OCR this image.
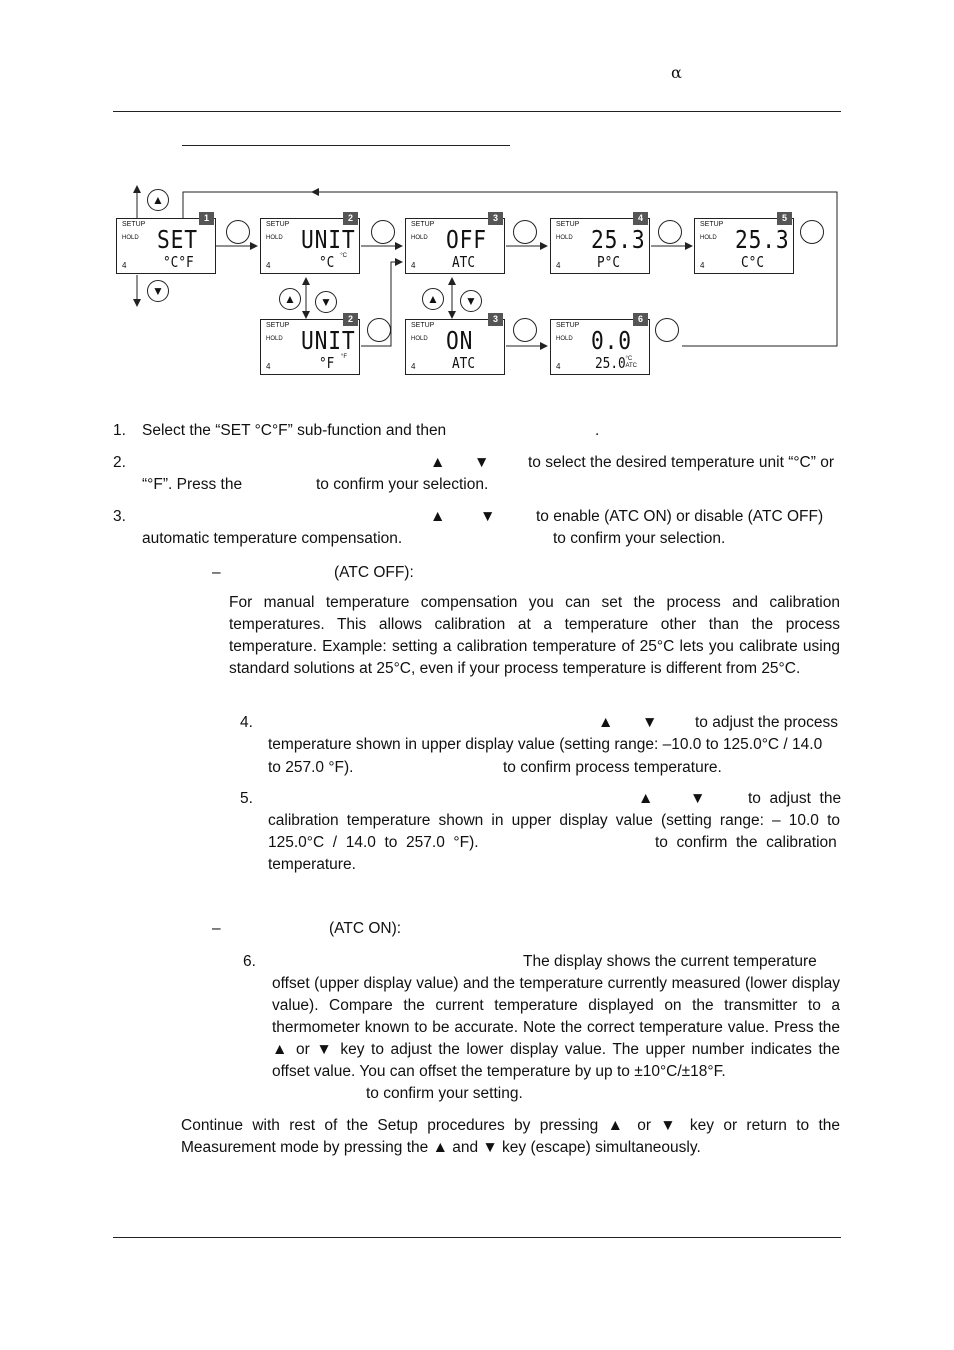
α
▲
▼
▲	▼	▲	▼
SETUP
HOLD
4
1
SET
°C°F
SETUP
HOLD
4
2
UNIT
°C °C
SETUP
HOLD
4
3
OFF
ATC
SETUP
HOLD
4
4
25.3
P°C
SETUP
HOLD
4
5
25.3
C°C
SETUP
HOLD
4
2
UNIT
°F °F
SETUP
HOLD
4
3
ON
ATC
SETUP
HOLD
4
6
0.0
25.0 °C
ATC
1. Select the “SET °C°F” sub-function and then	.
2.	▲ ▼ to select the desired temperature unit “°C” or
“°F”. Press the	to confirm your selection.
3.	▲ ▼	to enable (ATC ON) or disable (ATC OFF)
automatic temperature compensation.	to confirm your selection.
–	(ATC OFF):
For manual temperature compensation you can set the process and calibration temperatures. This allows calibration at a temperature other than the process temperature. Example: setting a calibration temperature of 25°C lets you calibrate using standard solutions at 25°C, even if your process temperature is different from 25°C.
4.	▲ ▼ to adjust the process
temperature shown in upper display value (setting range: –10.0 to 125.0°C / 14.0
to 257.0 °F).	to confirm process temperature.
5.	▲ ▼	to  adjust  the
calibration temperature shown in upper display value (setting range: – 10.0 to
125.0°C  /  14.0  to  257.0  °F).	to  confirm  the  calibration
temperature.
–	(ATC ON):
6.	The display shows the current temperature
offset (upper display value) and the temperature currently measured (lower display value). Compare the current temperature displayed on the transmitter to a thermometer known to be accurate. Note the correct temperature value. Press the ▲ or ▼ key to adjust the lower display value. The upper number indicates the offset value. You can offset the temperature by up to ±10°C/±18°F.
to confirm your setting.
Continue with rest of the Setup procedures by pressing ▲ or ▼ key or return to the Measurement mode by pressing the ▲ and ▼ key (escape) simultaneously.
